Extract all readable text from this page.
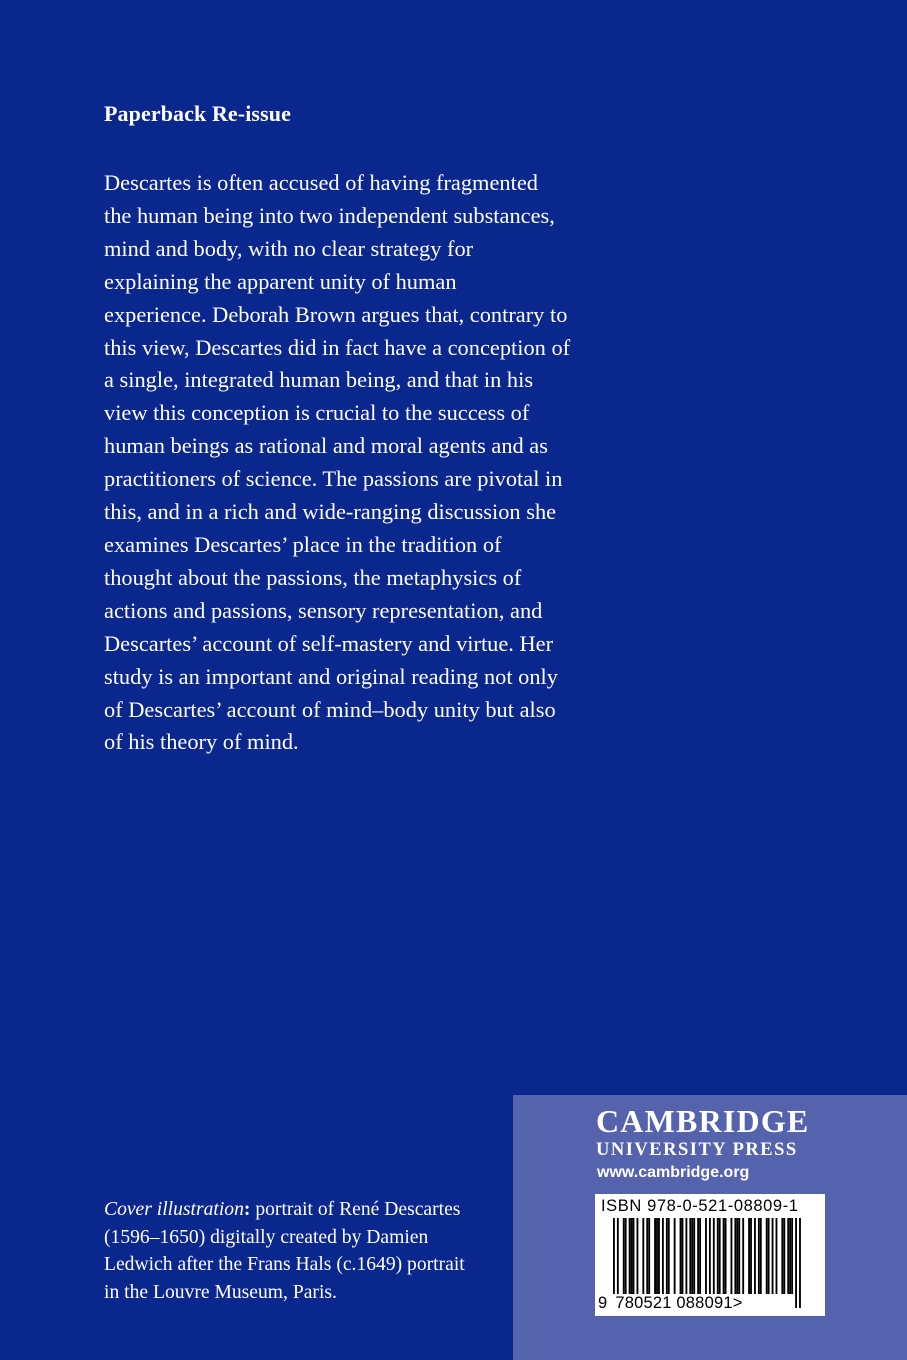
Paperback Re-issue
Descartes is often accused of having fragmented
the human being into two independent substances,
mind and body, with no clear strategy for
explaining the apparent unity of human
experience. Deborah Brown argues that, contrary to
this view, Descartes did in fact have a conception of
a single, integrated human being, and that in his
view this conception is crucial to the success of
human beings as rational and moral agents and as
practitioners of science. The passions are pivotal in
this, and in a rich and wide-ranging discussion she
examines Descartes’ place in the tradition of
thought about the passions, the metaphysics of
actions and passions, sensory representation, and
Descartes’ account of self-mastery and virtue. Her
study is an important and original reading not only
of Descartes’ account of mind–body unity but also
of his theory of mind.
Cover illustration: portrait of René Descartes
(1596–1650) digitally created by Damien
Ledwich after the Frans Hals (c.1649) portrait
in the Louvre Museum, Paris.
CAMBRIDGE
UNIVERSITY PRESS
www.cambridge.org
ISBN 978-0-521-08809-1
9 780521 088091>
